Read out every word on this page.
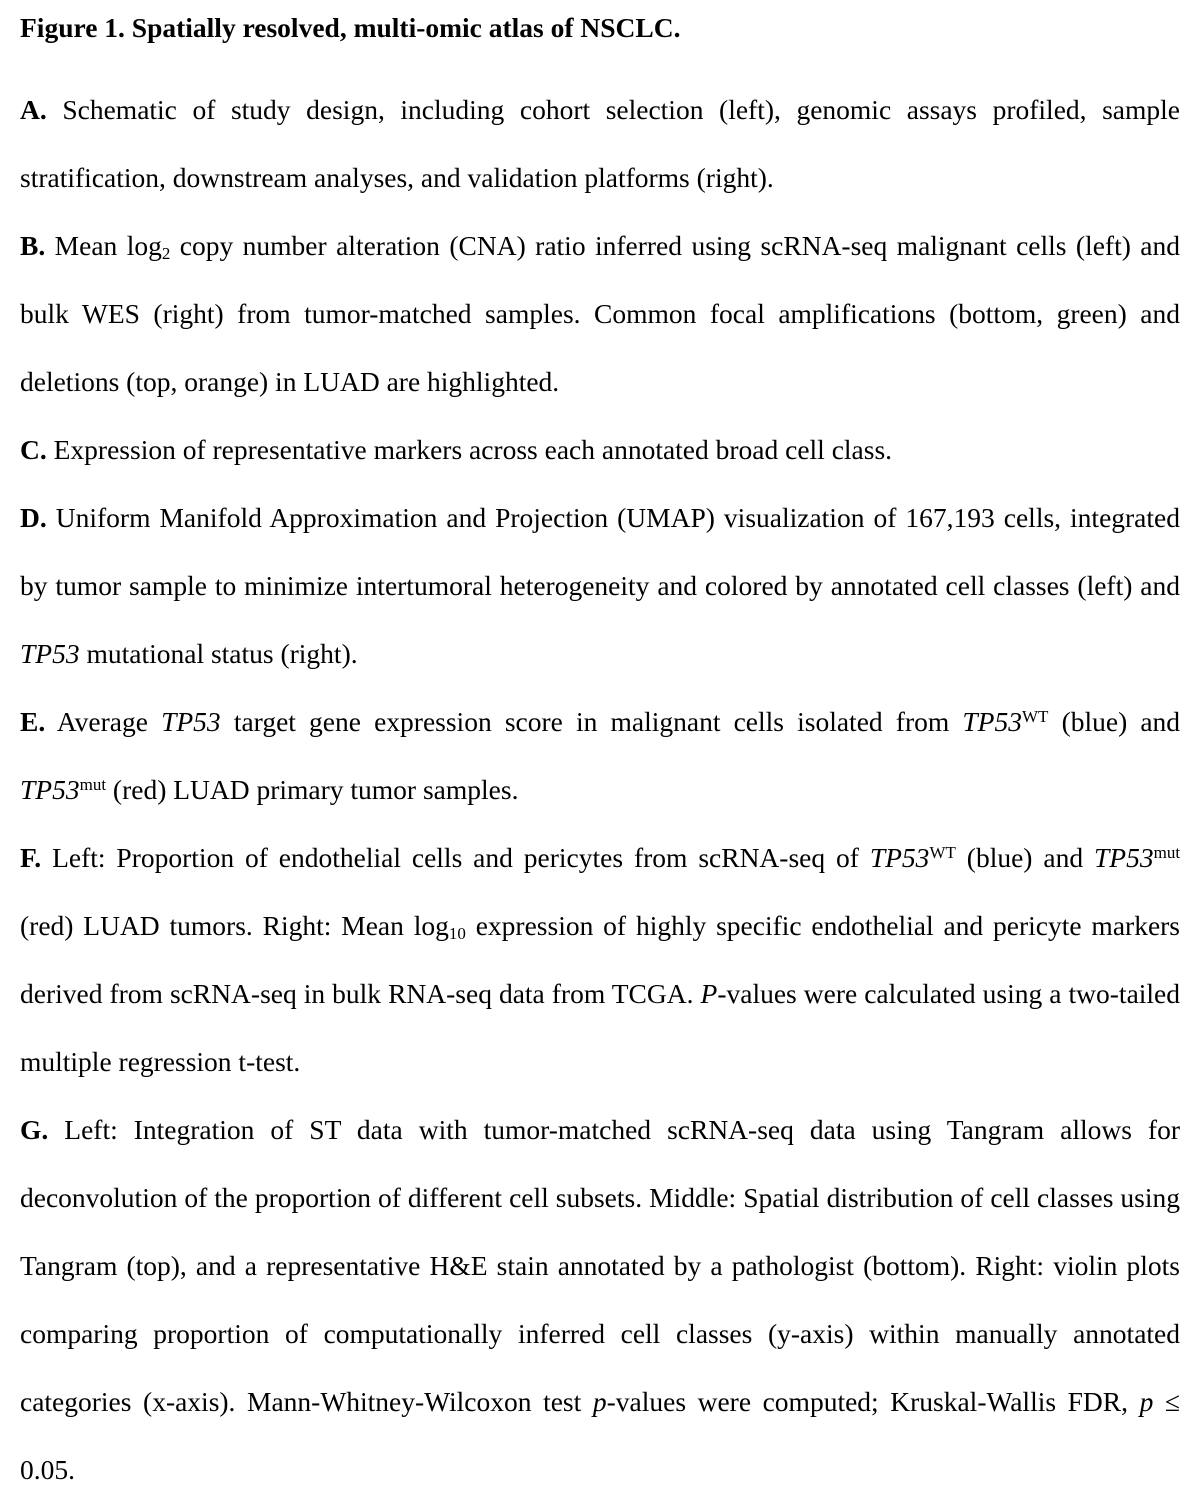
Figure 1. Spatially resolved, multi-omic atlas of NSCLC.

A. Schematic of study design, including cohort selection (left), genomic assays profiled, sample stratification, downstream analyses, and validation platforms (right).

B. Mean $\log_2$ copy number alteration (CNA) ratio inferred using scRNA-seq malignant cells (left) and bulk WES (right) from tumor-matched samples. Common focal amplifications (bottom, green) and deletions (top, orange) in LUAD are highlighted.

C. Expression of representative markers across each annotated broad cell class.

D. Uniform Manifold Approximation and Projection (UMAP) visualization of 167,193 cells, integrated by tumor sample to minimize intertumoral heterogeneity and colored by annotated cell classes (left) and TP53 mutational status (right).

E. Average TP53 target gene expression score in malignant cells isolated from $TP53^{WT}$ (blue) and $TP53^{mut}$ (red) LUAD primary tumor samples.

F. Left: Proportion of endothelial cells and pericytes from scRNA-seq of $TP53^{WT}$ (blue) and $TP53^{mut}$ (red) LUAD tumors. Right: Mean $\log_{10}$ expression of highly specific endothelial and pericyte markers derived from scRNA-seq in bulk RNA-seq data from TCGA. P-values were calculated using a two-tailed multiple regression t-test.

G. Left: Integration of ST data with tumor-matched scRNA-seq data using Tangram allows for deconvolution of the proportion of different cell subsets. Middle: Spatial distribution of cell classes using Tangram (top), and a representative H&E stain annotated by a pathologist (bottom). Right: violin plots comparing proportion of computationally inferred cell classes (y-axis) within manually annotated categories (x-axis). Mann-Whitney-Wilcoxon test p-values were computed; Kruskal-Wallis FDR, p ≤ 0.05.
